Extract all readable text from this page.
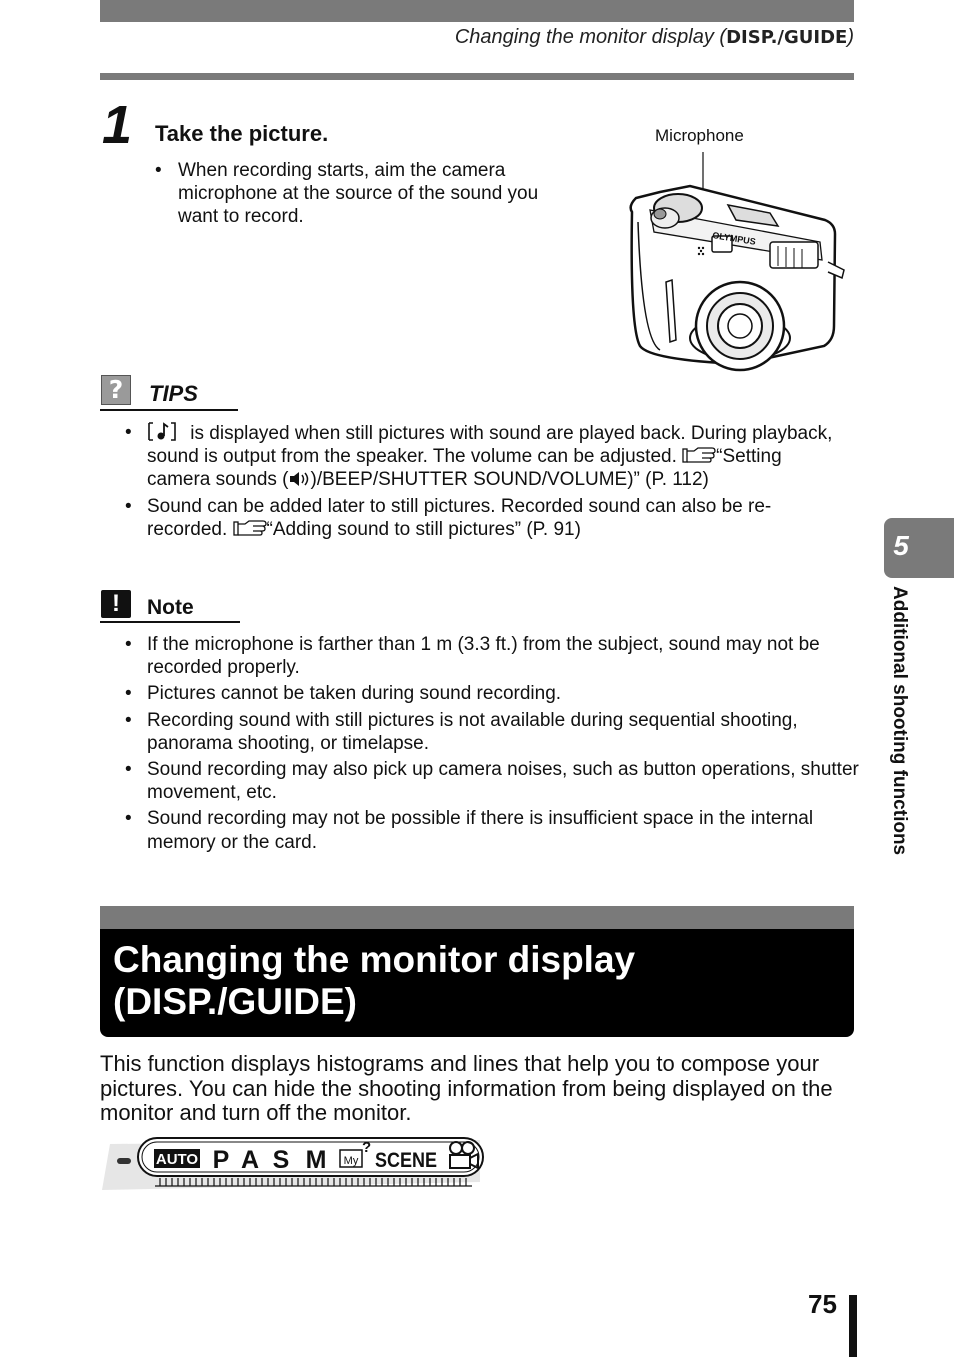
Changing the monitor display (DISP./GUIDE)
1 Take the picture.
• When recording starts, aim the camera microphone at the source of the sound you want to record.
Microphone
OLYMPUS
?	TIPS
• is displayed when still pictures with sound are played back. During playback, sound is output from the speaker. The volume can be adjusted. “Setting camera sounds ( )/BEEP/SHUTTER SOUND/VOLUME)” (P. 112)
• Sound can be added later to still pictures. Recorded sound can also be re-recorded. “Adding sound to still pictures” (P. 91)
!	Note
• If the microphone is farther than 1 m (3.3 ft.) from the subject, sound may not be recorded properly.
• Pictures cannot be taken during sound recording.
• Recording sound with still pictures is not available during sequential shooting, panorama shooting, or timelapse.
• Sound recording may also pick up camera noises, such as button operations, shutter movement, etc.
• Sound recording may not be possible if there is insufficient space in the internal memory or the card.
Changing the monitor display
(DISP./GUIDE)
This function displays histograms and lines that help you to compose your pictures. You can hide the shooting information from being displayed on the monitor and turn off the monitor.
AUTO P A S M My
?
SCENE
5
Additional shooting functions
75
